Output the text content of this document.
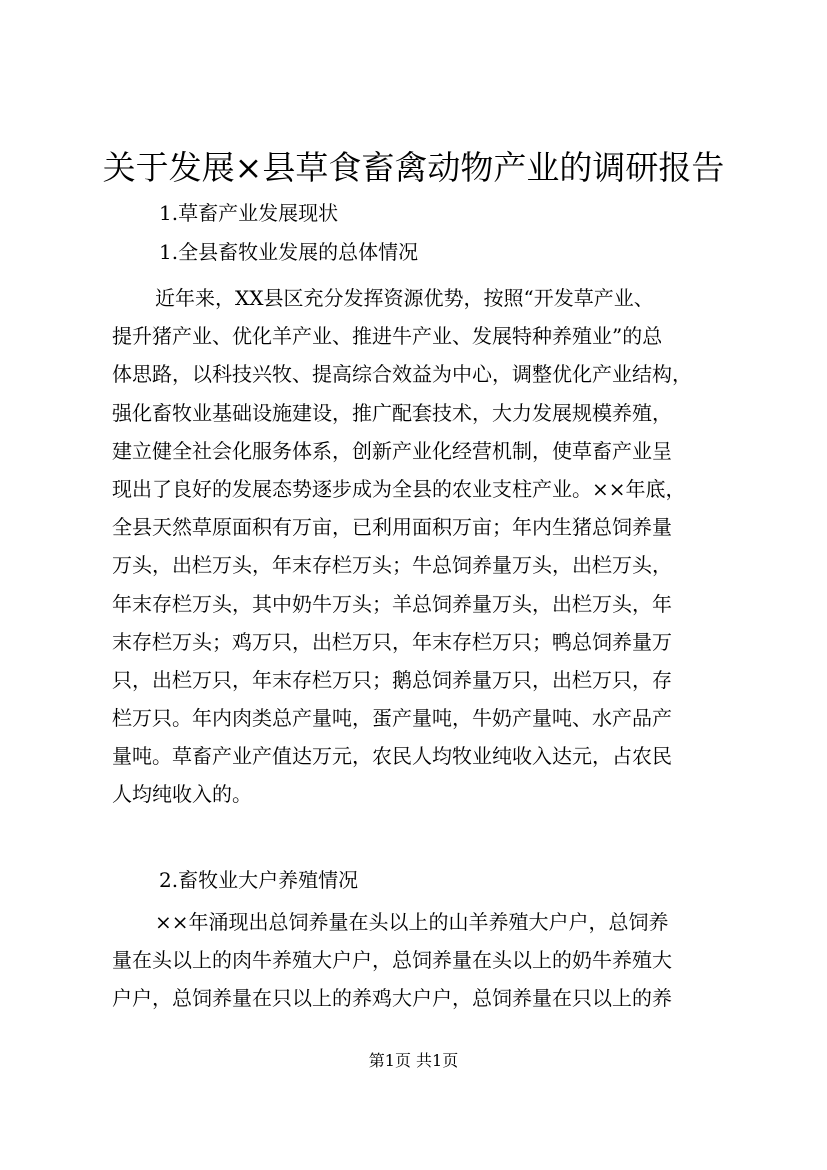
关于发展×县草食畜禽动物产业的调研报告
1.草畜产业发展现状
1.全县畜牧业发展的总体情况
近年来，XX县区充分发挥资源优势，按照“开发草产业、
提升猪产业、优化羊产业、推进牛产业、发展特种养殖业”的总
体思路，以科技兴牧、提高综合效益为中心，调整优化产业结构，
强化畜牧业基础设施建设，推广配套技术，大力发展规模养殖，
建立健全社会化服务体系，创新产业化经营机制，使草畜产业呈
现出了良好的发展态势逐步成为全县的农业支柱产业。××年底，
全县天然草原面积有万亩，已利用面积万亩；年内生猪总饲养量
万头，出栏万头，年末存栏万头；牛总饲养量万头，出栏万头，
年末存栏万头，其中奶牛万头；羊总饲养量万头，出栏万头，年
末存栏万头；鸡万只，出栏万只，年末存栏万只；鸭总饲养量万
只，出栏万只，年末存栏万只；鹅总饲养量万只，出栏万只，存
栏万只。年内肉类总产量吨，蛋产量吨，牛奶产量吨、水产品产
量吨。草畜产业产值达万元，农民人均牧业纯收入达元，占农民
人均纯收入的。
2.畜牧业大户养殖情况
××年涌现出总饲养量在头以上的山羊养殖大户户，总饲养
量在头以上的肉牛养殖大户户，总饲养量在头以上的奶牛养殖大
户户，总饲养量在只以上的养鸡大户户，总饲养量在只以上的养
第1页 共1页
